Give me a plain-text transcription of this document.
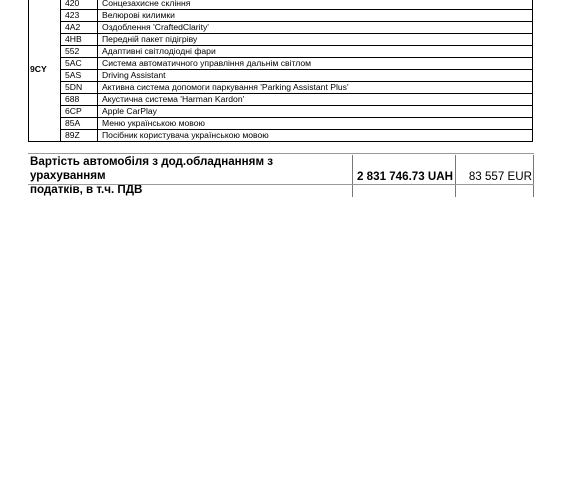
9CY	420	Сонцезахисне скління
	423	Велюрові килимки
	4A2	Оздоблення 'CraftedClarity'
	4HB	Передній пакет підігріву
	552	Адаптивні світлодіодні фари
	5AC	Система автоматичного управління дальнім світлом
	5AS	Driving Assistant
	5DN	Активна система допомоги паркування 'Parking Assistant Plus'
	688	Акустична система 'Harman Kardon'
	6CP	Apple CarPlay
	85A	Меню українською мовою
	89Z	Посібник користувача українською мовою
Вартість автомобіля з дод.обладнанням з урахуванням
податків, в т.ч. ПДВ	2 831 746.73 UAH	83 557 EUR
